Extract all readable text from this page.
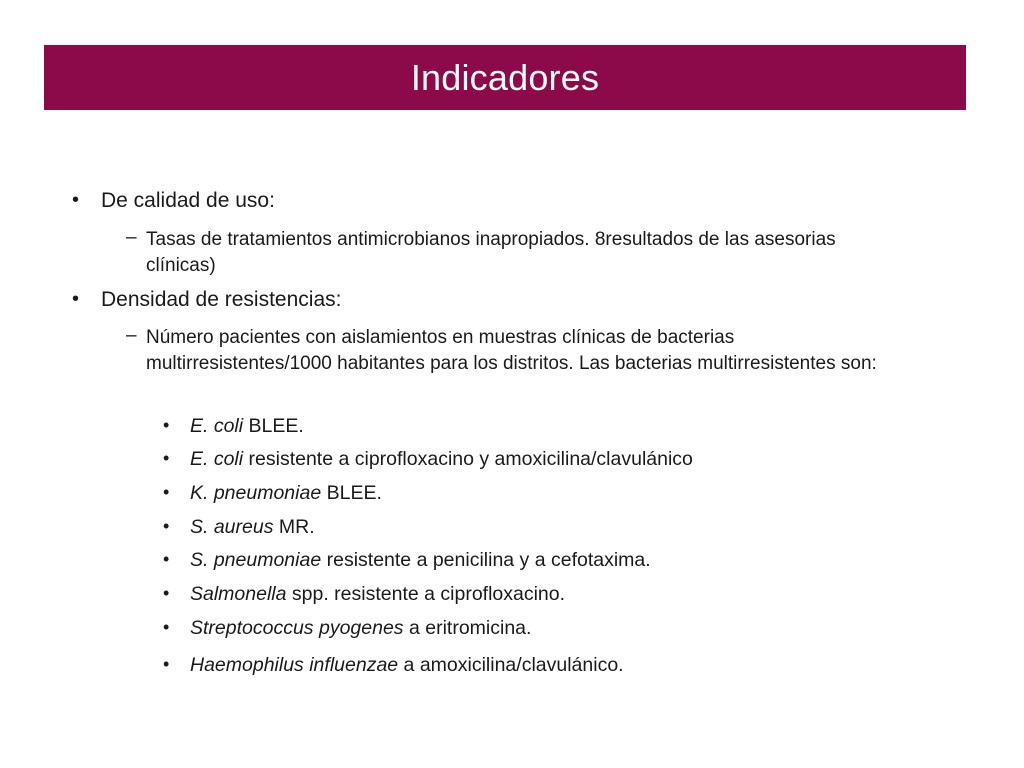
Indicadores
• De calidad de uso:
– Tasas de tratamientos antimicrobianos inapropiados. 8resultados de las asesorias clínicas)
• Densidad de resistencias:
– Número pacientes con aislamientos en muestras clínicas de bacterias multirresistentes/1000 habitantes para los distritos. Las bacterias multirresistentes son:
• E. coli BLEE.
• E. coli resistente a ciprofloxacino y amoxicilina/clavulánico
• K. pneumoniae BLEE.
• S. aureus MR.
• S. pneumoniae resistente a penicilina y a cefotaxima.
• Salmonella spp. resistente a ciprofloxacino.
• Streptococcus pyogenes a eritromicina.
• Haemophilus influenzae a amoxicilina/clavulánico.
